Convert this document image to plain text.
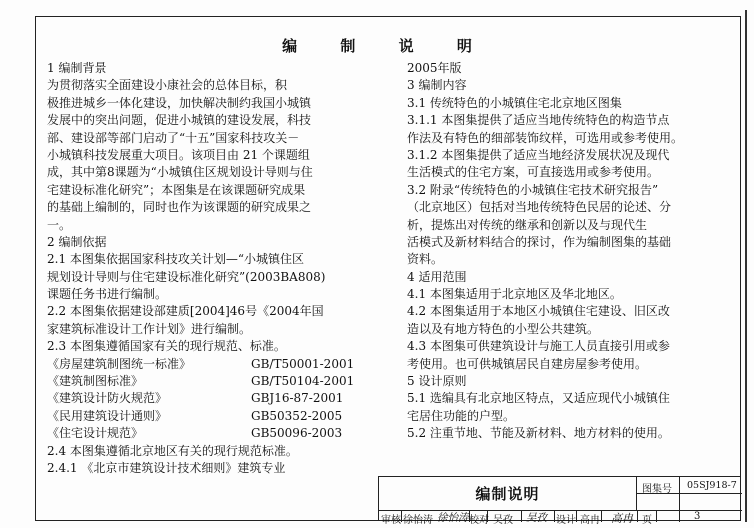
编 制 说 明
1 编制背景
为贯彻落实全面建设小康社会的总体目标，积
极推进城乡一体化建设，加快解决制约我国小城镇
发展中的突出问题，促进小城镇的建设发展，科技
部、建设部等部门启动了“十五”国家科技攻关－
小城镇科技发展重大项目。该项目由 21 个课题组
成，其中第8课题为“小城镇住区规划设计导则与住
宅建设标准化研究”；本图集是在该课题研究成果
的基础上编制的，同时也作为该课题的研究成果之
一。
2 编制依据
2.1 本图集依据国家科技攻关计划—“小城镇住区
规划设计导则与住宅建设标准化研究”(2003BA808)
课题任务书进行编制。
2.2 本图集依据建设部建质[2004]46号《2004年国
家建筑标准设计工作计划》进行编制。
2.3 本图集遵循国家有关的现行规范、标准。
《房屋建筑制图统一标准》	GB/T50001-2001
《建筑制图标准》	GB/T50104-2001
《建筑设计防火规范》	GBJ16-87-2001
《民用建筑设计通则》	GB50352-2005
《住宅设计规范》	GB50096-2003
2.4 本图集遵循北京地区有关的现行规范标准。
2.4.1 《北京市建筑设计技术细则》建筑专业
2005年版
3 编制内容
3.1 传统特色的小城镇住宅北京地区图集
3.1.1 本图集提供了适应当地传统特色的构造节点
作法及有特色的细部装饰纹样，可选用或参考使用。
3.1.2 本图集提供了适应当地经济发展状况及现代
生活模式的住宅方案，可直接选用或参考使用。
3.2 附录“传统特色的小城镇住宅技术研究报告”
（北京地区）包括对当地传统特色民居的论述、分
析，提炼出对传统的继承和创新以及与现代生
活模式及新材料结合的探讨，作为编制图集的基础
资料。
4 适用范围
4.1 本图集适用于北京地区及华北地区。
4.2 本图集适用于本地区小城镇住宅建设、旧区改
造以及有地方特色的小型公共建筑。
4.3 本图集可供建筑设计与施工人员直接引用或参
考使用。也可供城镇居民自建房屋参考使用。
5 设计原则
5.1 选编具有北京地区特点，又适应现代小城镇住
宅居住功能的户型。
5.2 注重节地、节能及新材料、地方材料的使用。
编制说明	图集号 05SJ918-7
审核 徐怡涛 徐怡涛 校对 吴孜 吴孜 设计 高冉 高冉 页	3
